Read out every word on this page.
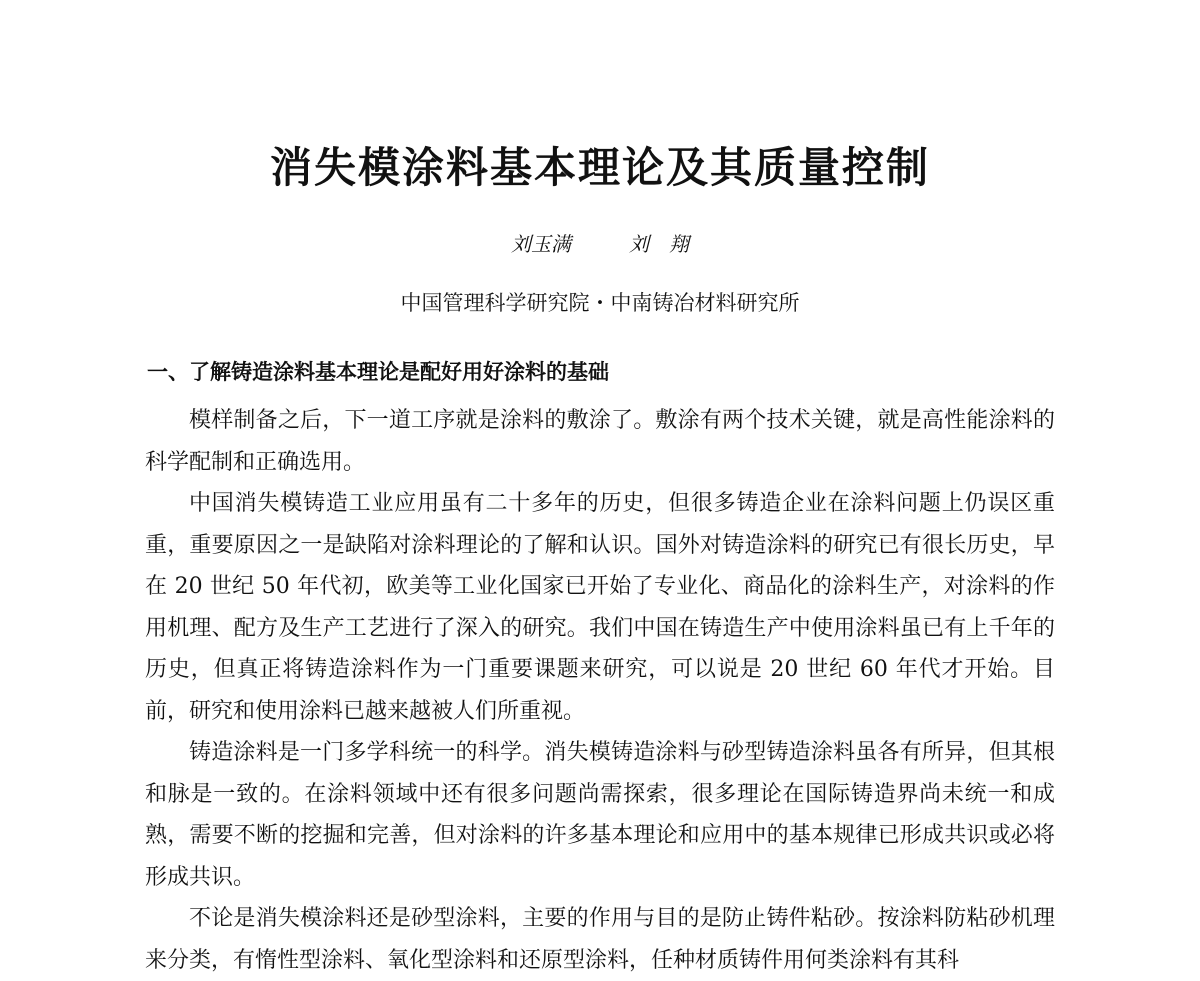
消失模涂料基本理论及其质量控制

刘玉满	刘　翔

中国管理科学研究院・中南铸冶材料研究所

一、了解铸造涂料基本理论是配好用好涂料的基础

模样制备之后，下一道工序就是涂料的敷涂了。敷涂有两个技术关键，就是高性能涂料的科学配制和正确选用。

中国消失模铸造工业应用虽有二十多年的历史，但很多铸造企业在涂料问题上仍误区重重，重要原因之一是缺陷对涂料理论的了解和认识。国外对铸造涂料的研究已有很长历史，早在 20 世纪 50 年代初，欧美等工业化国家已开始了专业化、商品化的涂料生产，对涂料的作用机理、配方及生产工艺进行了深入的研究。我们中国在铸造生产中使用涂料虽已有上千年的历史，但真正将铸造涂料作为一门重要课题来研究，可以说是 20 世纪 60 年代才开始。目前，研究和使用涂料已越来越被人们所重视。

铸造涂料是一门多学科统一的科学。消失模铸造涂料与砂型铸造涂料虽各有所异，但其根和脉是一致的。在涂料领域中还有很多问题尚需探索，很多理论在国际铸造界尚未统一和成熟，需要不断的挖掘和完善，但对涂料的许多基本理论和应用中的基本规律已形成共识或必将形成共识。

不论是消失模涂料还是砂型涂料，主要的作用与目的是防止铸件粘砂。按涂料防粘砂机理来分类，有惰性型涂料、氧化型涂料和还原型涂料，任种材质铸件用何类涂料有其科
